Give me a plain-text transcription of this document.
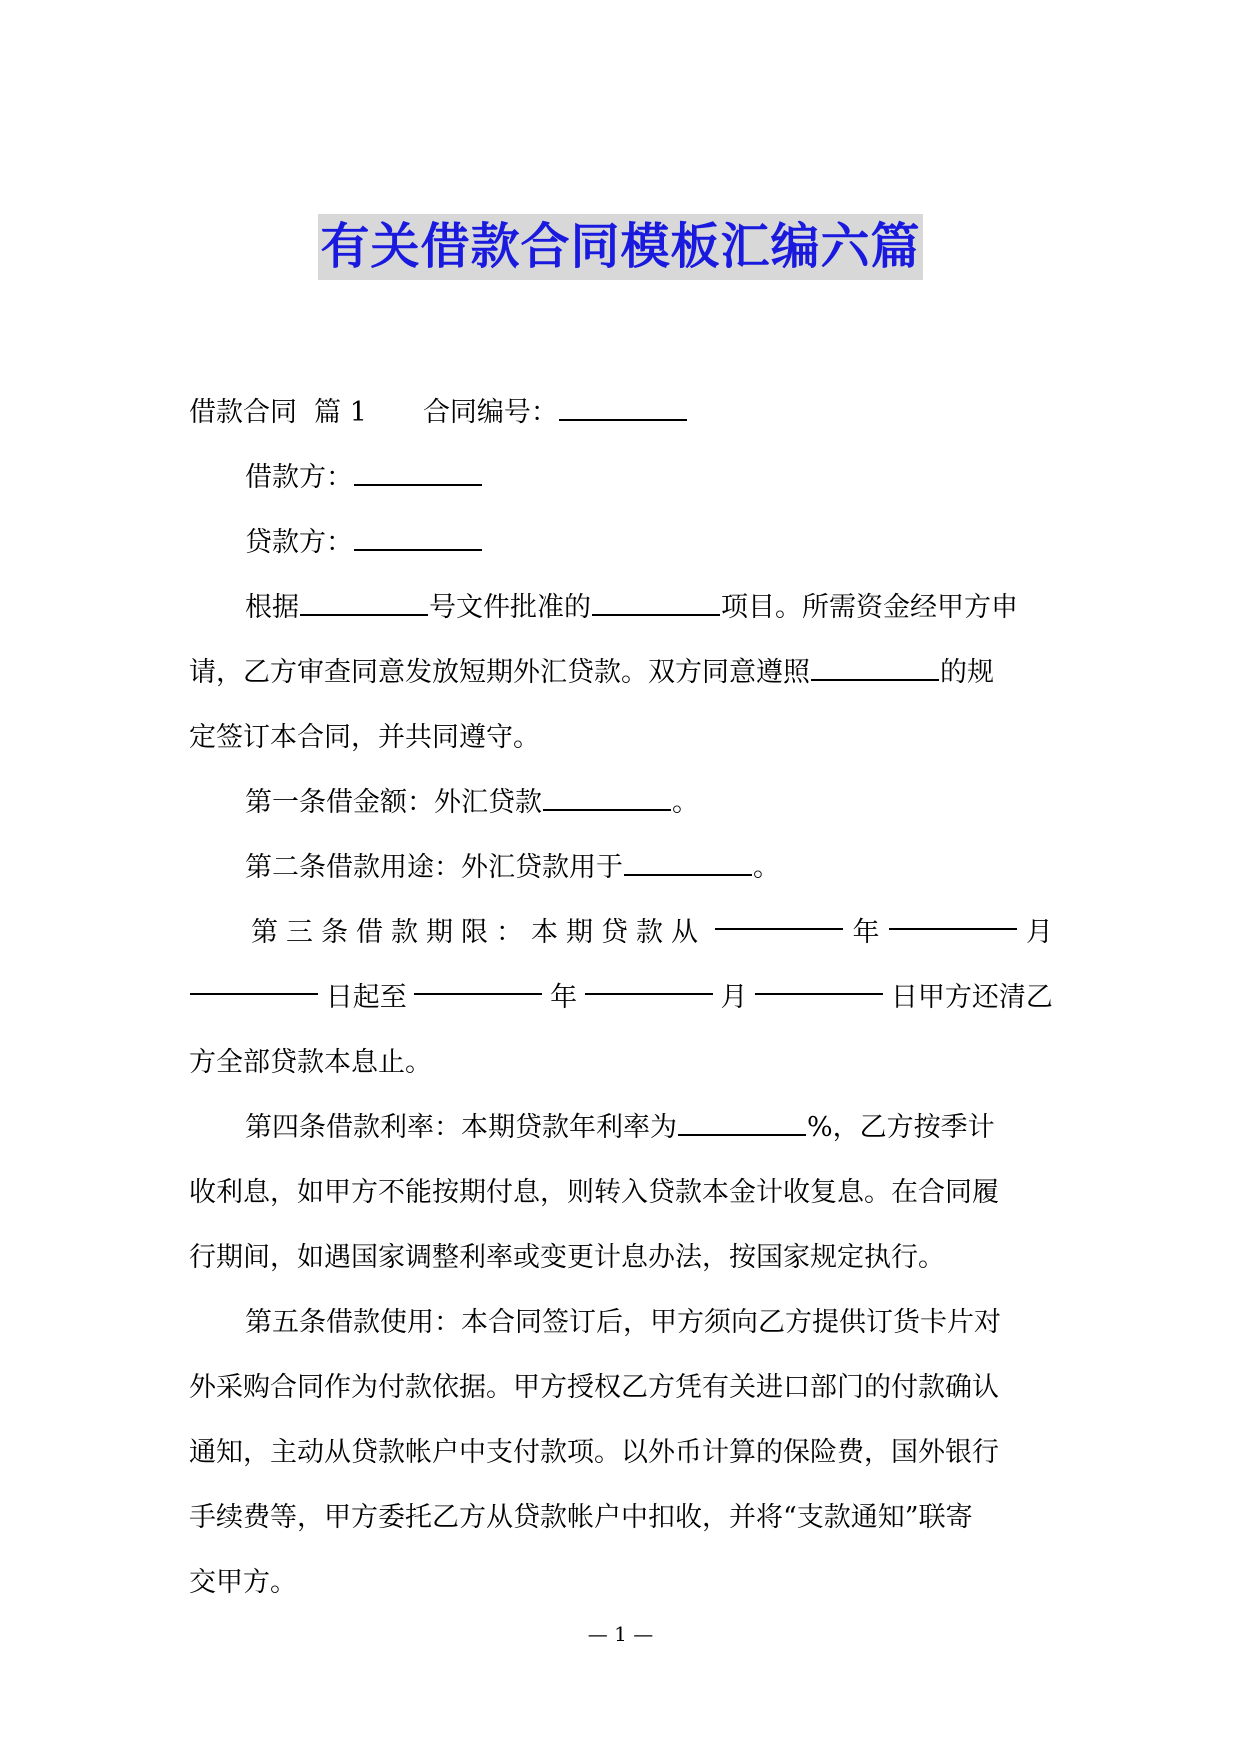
有关借款合同模板汇编六篇
借款合同  篇 1 合同编号：
借款方：
贷款方：
根据	号文件批准的	项目。所需资金经甲方申
请，乙方审查同意发放短期外汇贷款。双方同意遵照	的规
定签订本合同，并共同遵守。
第一条借金额：外汇贷款	。
第二条借款用途：外汇贷款用于	。
第三条借款期限：本期贷款从	年	月
日起至	年	月	日甲方还清乙
方全部贷款本息止。
第四条借款利率：本期贷款年利率为	%，乙方按季计
收利息，如甲方不能按期付息，则转入贷款本金计收复息。在合同履
行期间，如遇国家调整利率或变更计息办法，按国家规定执行。
第五条借款使用：本合同签订后，甲方须向乙方提供订货卡片对
外采购合同作为付款依据。甲方授权乙方凭有关进口部门的付款确认
通知，主动从贷款帐户中支付款项。以外币计算的保险费，国外银行
手续费等，甲方委托乙方从贷款帐户中扣收，并将“支款通知”联寄
交甲方。
— 1 —
